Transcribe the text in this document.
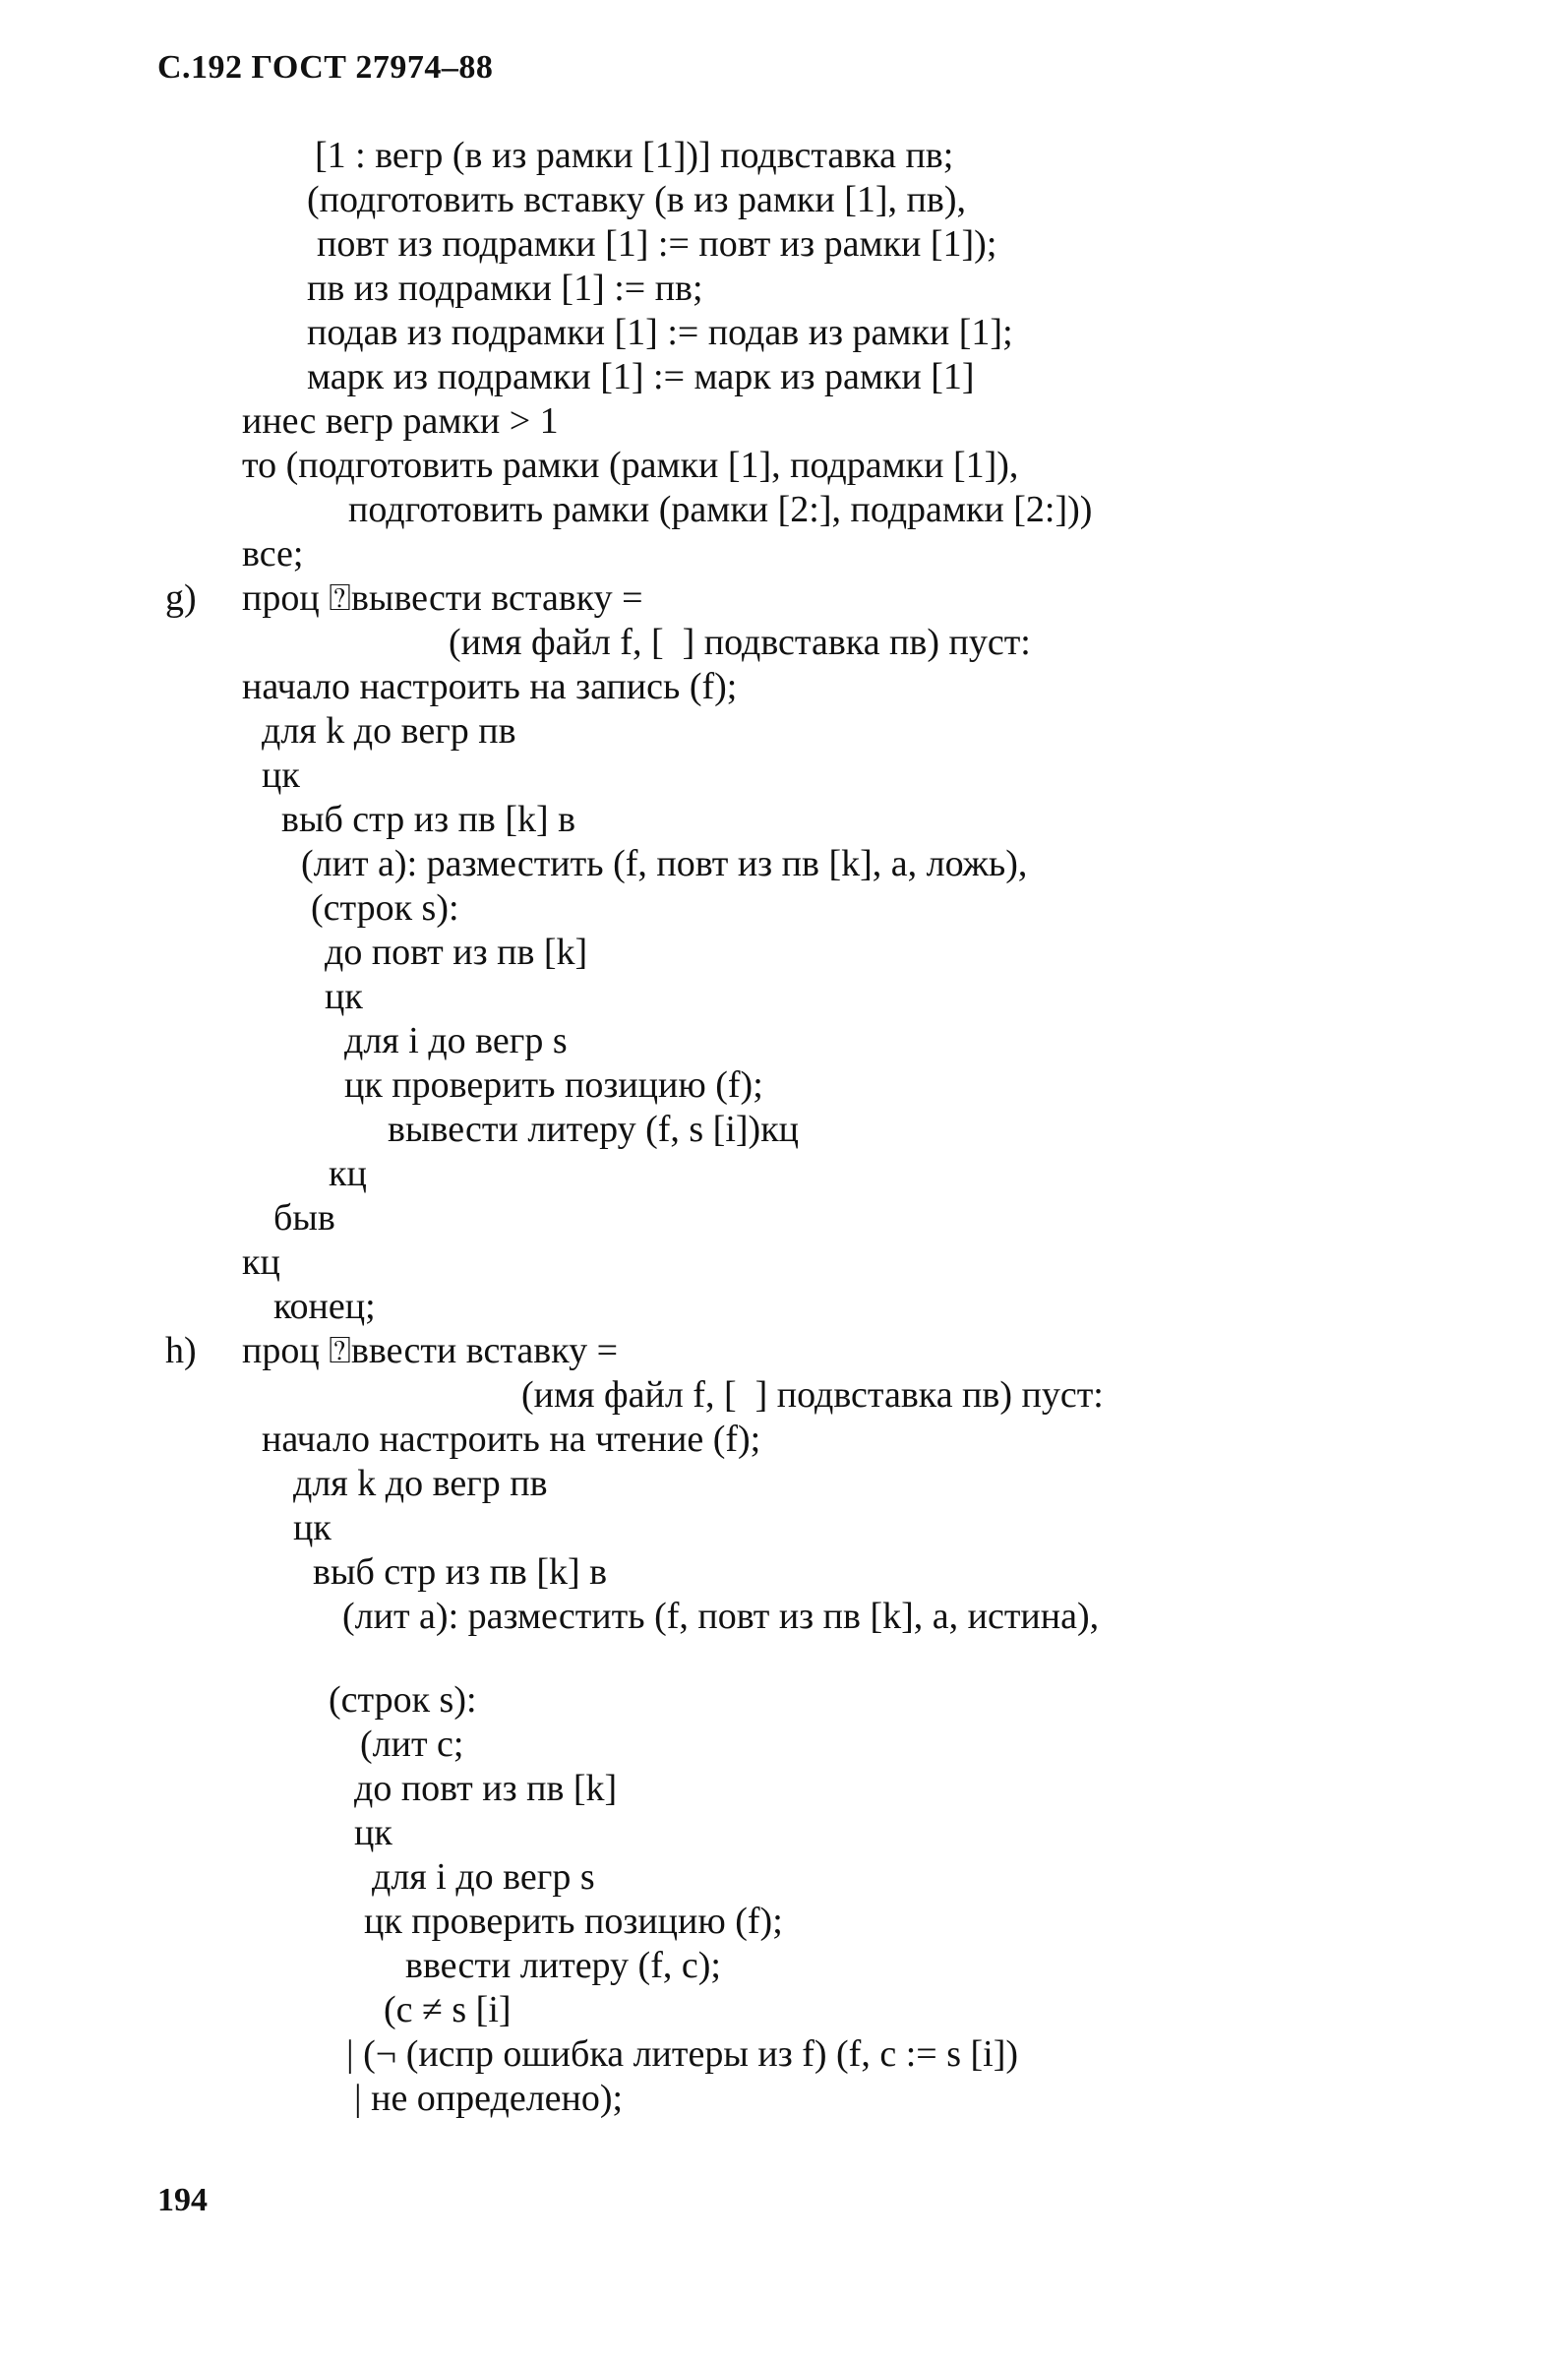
С.192 ГОСТ 27974–88
[1 : вегр (в из рамки [1])] подвставка пв;
(подготовить вставку (в из рамки [1], пв),
повт из подрамки [1] := повт из рамки [1]);
пв из подрамки [1] := пв;
подав из подрамки [1] := подав из рамки [1];
марк из подрамки [1] := марк из рамки [1]
инес вегр рамки > 1
то (подготовить рамки (рамки [1], подрамки [1]),
подготовить рамки (рамки [2:], подрамки [2:]))
все;
g) проц ⍰вывести вставку =
(имя файл f, [  ] подвставка пв) пуст:
начало настроить на запись (f);
для k до вегр пв
цк
выб стр из пв [k] в
(лит а): разместить (f, повт из пв [k], а, ложь),
(строк s):
до повт из пв [k]
цк
для i до вегр s
цк проверить позицию (f);
вывести литеру (f, s [i])кц
кц
быв
кц
конец;
h) проц ⍰ввести вставку =
(имя файл f, [  ] подвставка пв) пуст:
начало настроить на чтение (f);
для k до вегр пв
цк
выб стр из пв [k] в
(лит а): разместить (f, повт из пв [k], а, истина),
(строк s):
(лит с;
до повт из пв [k]
цк
для i до вегр s
цк проверить позицию (f);
ввести литеру (f, с);
(с ≠ s [i]
| (¬ (испр ошибка литеры из f) (f, с := s [i])
| не определено);
194
